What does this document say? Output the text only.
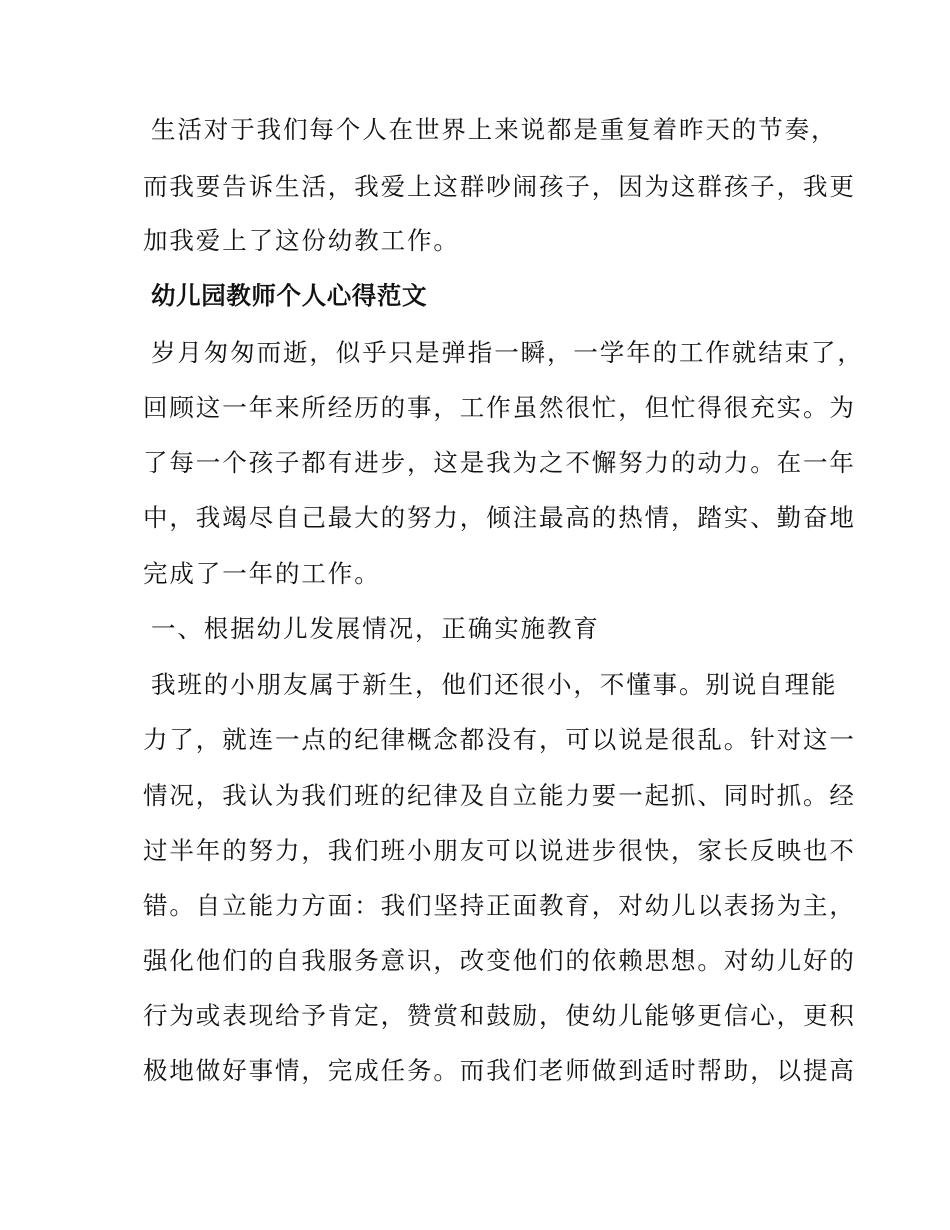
生活对于我们每个人在世界上来说都是重复着昨天的节奏，
而我要告诉生活，我爱上这群吵闹孩子，因为这群孩子，我更
加我爱上了这份幼教工作。
幼儿园教师个人心得范文
岁月匆匆而逝，似乎只是弹指一瞬，一学年的工作就结束了，
回顾这一年来所经历的事，工作虽然很忙，但忙得很充实。为
了每一个孩子都有进步，这是我为之不懈努力的动力。在一年
中，我竭尽自己最大的努力，倾注最高的热情，踏实、勤奋地
完成了一年的工作。
一、根据幼儿发展情况，正确实施教育
我班的小朋友属于新生，他们还很小，不懂事。别说自理能
力了，就连一点的纪律概念都没有，可以说是很乱。针对这一
情况，我认为我们班的纪律及自立能力要一起抓、同时抓。经
过半年的努力，我们班小朋友可以说进步很快，家长反映也不
错。自立能力方面：我们坚持正面教育，对幼儿以表扬为主，
强化他们的自我服务意识，改变他们的依赖思想。对幼儿好的
行为或表现给予肯定，赞赏和鼓励，使幼儿能够更信心，更积
极地做好事情，完成任务。而我们老师做到适时帮助，以提高
